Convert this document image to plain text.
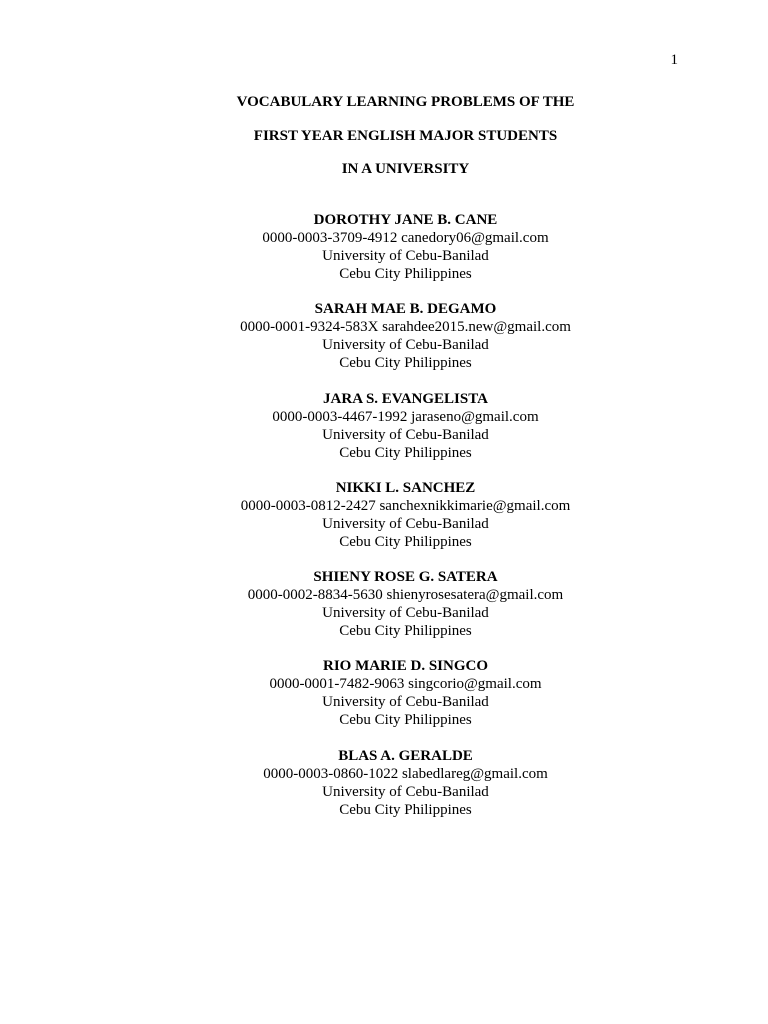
1
VOCABULARY LEARNING PROBLEMS OF THE
FIRST YEAR ENGLISH MAJOR STUDENTS
IN A UNIVERSITY
DOROTHY JANE B. CANE
0000-0003-3709-4912 canedory06@gmail.com
University of Cebu-Banilad
Cebu City Philippines
SARAH MAE B. DEGAMO
0000-0001-9324-583X sarahdee2015.new@gmail.com
University of Cebu-Banilad
Cebu City Philippines
JARA S. EVANGELISTA
0000-0003-4467-1992 jaraseno@gmail.com
University of Cebu-Banilad
Cebu City Philippines
NIKKI L. SANCHEZ
0000-0003-0812-2427 sanchexnikkimarie@gmail.com
University of Cebu-Banilad
Cebu City Philippines
SHIENY ROSE G. SATERA
0000-0002-8834-5630 shienyrosesatera@gmail.com
University of Cebu-Banilad
Cebu City Philippines
RIO MARIE D. SINGCO
0000-0001-7482-9063 singcorio@gmail.com
University of Cebu-Banilad
Cebu City Philippines
BLAS A. GERALDE
0000-0003-0860-1022 slabedlareg@gmail.com
University of Cebu-Banilad
Cebu City Philippines
